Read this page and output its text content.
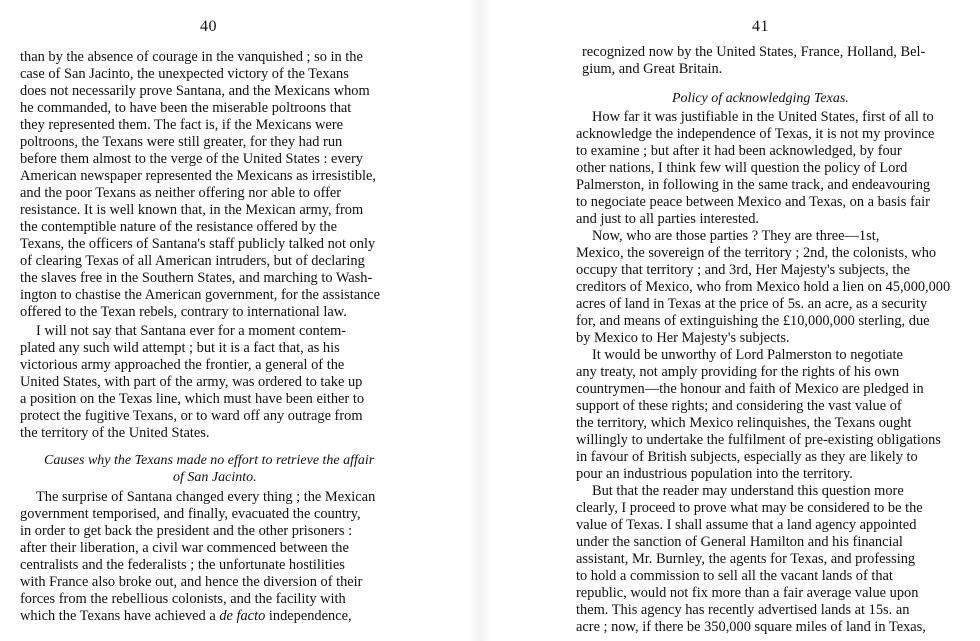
40
than by the absence of courage in the vanquished ; so in the
case of San Jacinto, the unexpected victory of the Texans
does not necessarily prove Santana, and the Mexicans whom
he commanded, to have been the miserable poltroons that
they represented them. The fact is, if the Mexicans were
poltroons, the Texans were still greater, for they had run
before them almost to the verge of the United States : every
American newspaper represented the Mexicans as irresistible,
and the poor Texans as neither offering nor able to offer
resistance. It is well known that, in the Mexican army, from
the contemptible nature of the resistance offered by the
Texans, the officers of Santana's staff publicly talked not only
of clearing Texas of all American intruders, but of declaring
the slaves free in the Southern States, and marching to Wash-
ington to chastise the American government, for the assistance
offered to the Texan rebels, contrary to international law.
I will not say that Santana ever for a moment contem-
plated any such wild attempt ; but it is a fact that, as his
victorious army approached the frontier, a general of the
United States, with part of the army, was ordered to take up
a position on the Texas line, which must have been either to
protect the fugitive Texans, or to ward off any outrage from
the territory of the United States.
Causes why the Texans made no effort to retrieve the affair
of San Jacinto.
The surprise of Santana changed every thing ; the Mexican
government temporised, and finally, evacuated the country,
in order to get back the president and the other prisoners :
after their liberation, a civil war commenced between the
centralists and the federalists ; the unfortunate hostilities
with France also broke out, and hence the diversion of their
forces from the rebellious colonists, and the facility with
which the Texans have achieved a de facto independence,
41
recognized now by the United States, France, Holland, Bel-
gium, and Great Britain.
Policy of acknowledging Texas.
How far it was justifiable in the United States, first of all to
acknowledge the independence of Texas, it is not my province
to examine ; but after it had been acknowledged, by four
other nations, I think few will question the policy of Lord
Palmerston, in following in the same track, and endeavouring
to negociate peace between Mexico and Texas, on a basis fair
and just to all parties interested.
Now, who are those parties ? They are three—1st,
Mexico, the sovereign of the territory ; 2nd, the colonists, who
occupy that territory ; and 3rd, Her Majesty's subjects, the
creditors of Mexico, who from Mexico hold a lien on 45,000,000
acres of land in Texas at the price of 5s. an acre, as a security
for, and means of extinguishing the £10,000,000 sterling, due
by Mexico to Her Majesty's subjects.
It would be unworthy of Lord Palmerston to negotiate
any treaty, not amply providing for the rights of his own
countrymen—the honour and faith of Mexico are pledged in
support of these rights; and considering the vast value of
the territory, which Mexico relinquishes, the Texans ought
willingly to undertake the fulfilment of pre-existing obligations
in favour of British subjects, especially as they are likely to
pour an industrious population into the territory.
But that the reader may understand this question more
clearly, I proceed to prove what may be considered to be the
value of Texas. I shall assume that a land agency appointed
under the sanction of General Hamilton and his financial
assistant, Mr. Burnley, the agents for Texas, and professing
to hold a commission to sell all the vacant lands of that
republic, would not fix more than a fair average value upon
them. This agency has recently advertised lands at 15s. an
acre ; now, if there be 350,000 square miles of land in Texas,
